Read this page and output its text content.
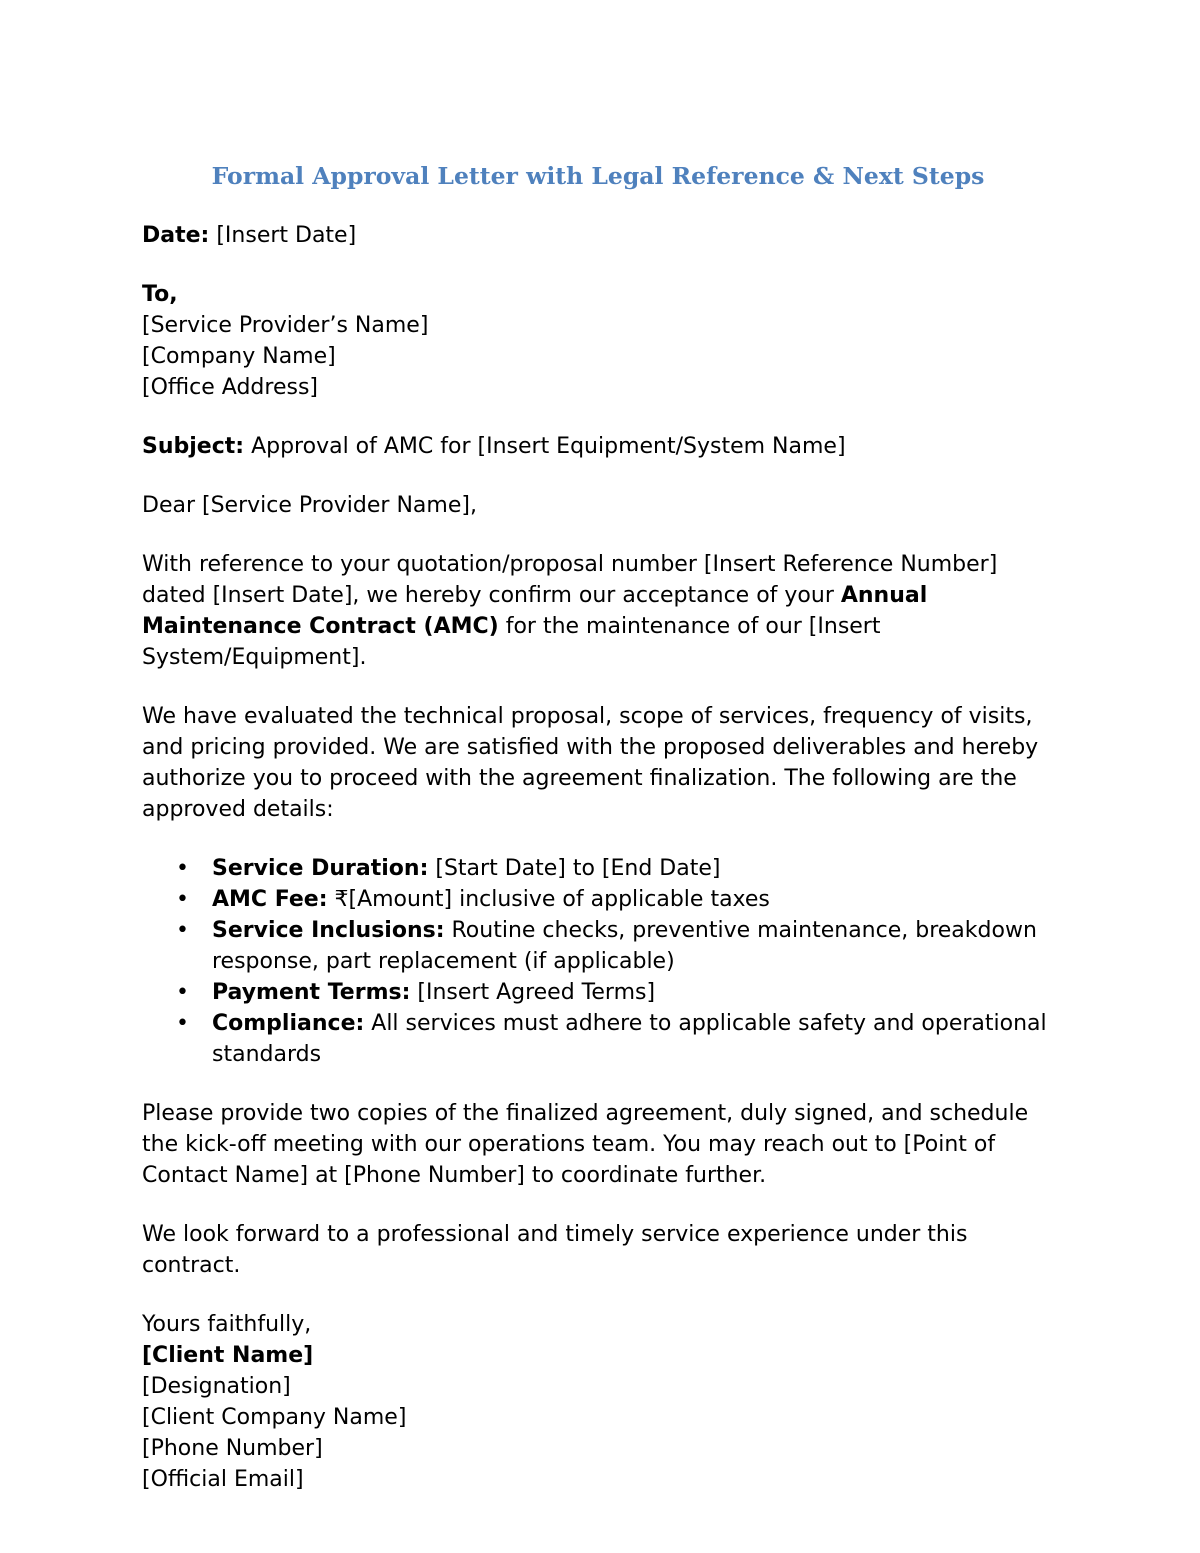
Formal Approval Letter with Legal Reference & Next Steps

Date: [Insert Date]

To,

[Service Provider’s Name]

[Company Name]

[Office Address]

Subject: Approval of AMC for [Insert Equipment/System Name]

Dear [Service Provider Name],

With reference to your quotation/proposal number [Insert Reference Number] dated [Insert Date], we hereby confirm our acceptance of your Annual Maintenance Contract (AMC) for the maintenance of our [Insert System/Equipment].

We have evaluated the technical proposal, scope of services, frequency of visits, and pricing provided. We are satisfied with the proposed deliverables and hereby authorize you to proceed with the agreement finalization. The following are the approved details:

• Service Duration: [Start Date] to [End Date]
• AMC Fee: ₹[Amount] inclusive of applicable taxes
• Service Inclusions: Routine checks, preventive maintenance, breakdown response, part replacement (if applicable)
• Payment Terms: [Insert Agreed Terms]
• Compliance: All services must adhere to applicable safety and operational standards

Please provide two copies of the finalized agreement, duly signed, and schedule the kick-off meeting with our operations team. You may reach out to [Point of Contact Name] at [Phone Number] to coordinate further.

We look forward to a professional and timely service experience under this contract.

Yours faithfully,
[Client Name]
[Designation]
[Client Company Name]
[Phone Number]
[Official Email]
